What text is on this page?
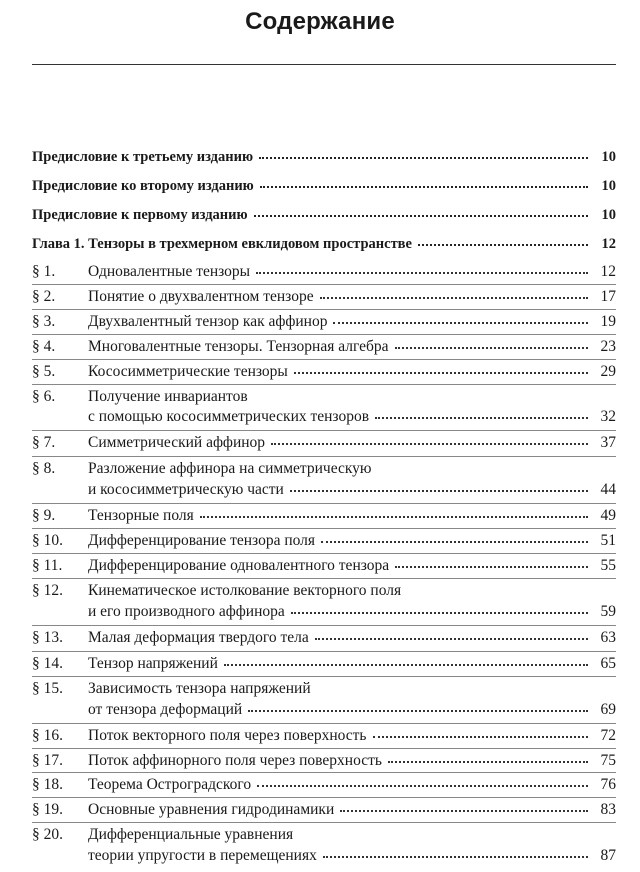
Содержание
Предисловие к третьему изданию	10
Предисловие ко второму изданию	10
Предисловие к первому изданию	10
Глава 1. Тензоры в трехмерном евклидовом пространстве	12
§ 1.	Одновалентные тензоры	12
§ 2.	Понятие о двухвалентном тензоре	17
§ 3.	Двухвалентный тензор как аффинор	19
§ 4.	Многовалентные тензоры. Тензорная алгебра	23
§ 5.	Кососимметрические тензоры	29
§ 6.	Получение инвариантов
с помощью кососимметрических тензоров	32
§ 7.	Симметрический аффинор	37
§ 8.	Разложение аффинора на симметрическую
и кососимметрическую части	44
§ 9.	Тензорные поля	49
§ 10.	Дифференцирование тензора поля	51
§ 11.	Дифференцирование одновалентного тензора	55
§ 12.	Кинематическое истолкование векторного поля
и его производного аффинора	59
§ 13.	Малая деформация твердого тела	63
§ 14.	Тензор напряжений	65
§ 15.	Зависимость тензора напряжений
от тензора деформаций	69
§ 16.	Поток векторного поля через поверхность	72
§ 17.	Поток аффинорного поля через поверхность	75
§ 18.	Теорема Остроградского	76
§ 19.	Основные уравнения гидродинамики	83
§ 20.	Дифференциальные уравнения
теории упругости в перемещениях	87
